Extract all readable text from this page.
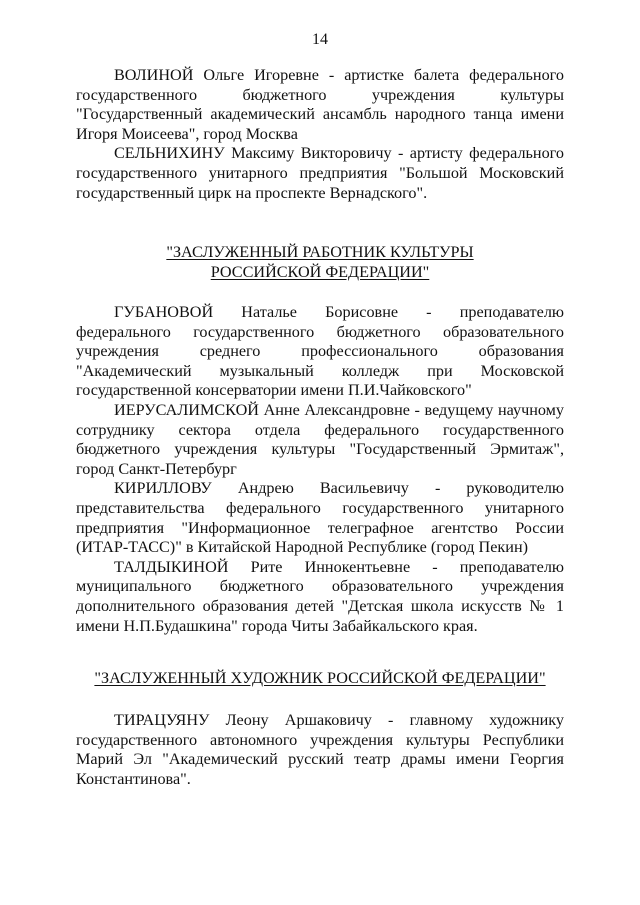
14

ВОЛИНОЙ Ольге Игоревне - артистке балета федерального государственного бюджетного учреждения культуры "Государственный академический ансамбль народного танца имени Игоря Моисеева", город Москва

СЕЛЬНИХИНУ Максиму Викторовичу - артисту федерального государственного унитарного предприятия "Большой Московский государственный цирк на проспекте Вернадского".

"ЗАСЛУЖЕННЫЙ РАБОТНИК КУЛЬТУРЫ
РОССИЙСКОЙ ФЕДЕРАЦИИ"

ГУБАНОВОЙ Наталье Борисовне - преподавателю федерального государственного бюджетного образовательного учреждения среднего профессионального образования "Академический музыкальный колледж при Московской государственной консерватории имени П.И.Чайковского"

ИЕРУСАЛИМСКОЙ Анне Александровне - ведущему научному сотруднику сектора отдела федерального государственного бюджетного учреждения культуры "Государственный Эрмитаж", город Санкт-Петербург

КИРИЛЛОВУ Андрею Васильевичу - руководителю представительства федерального государственного унитарного предприятия "Информационное телеграфное агентство России (ИТАР-ТАСС)" в Китайской Народной Республике (город Пекин)

ТАЛДЫКИНОЙ Рите Иннокентьевне - преподавателю муниципального бюджетного образовательного учреждения дополнительного образования детей "Детская школа искусств № 1 имени Н.П.Будашкина" города Читы Забайкальского края.

"ЗАСЛУЖЕННЫЙ ХУДОЖНИК РОССИЙСКОЙ ФЕДЕРАЦИИ"

ТИРАЦУЯНУ Леону Аршаковичу - главному художнику государственного автономного учреждения культуры Республики Марий Эл "Академический русский театр драмы имени Георгия Константинова".
